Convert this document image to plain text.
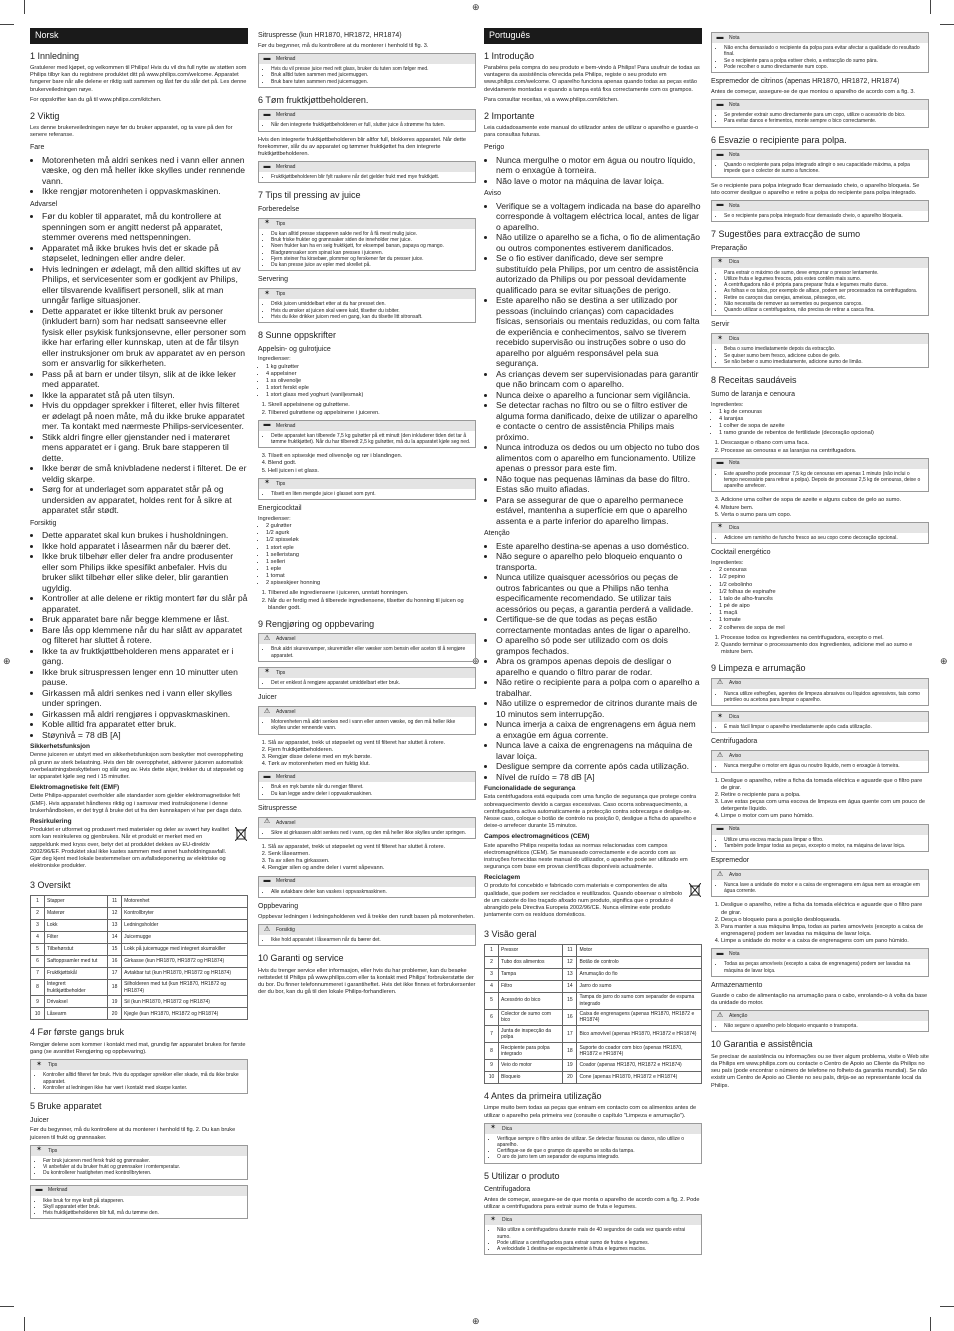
⊕
⊕
⊕	⊕
⊕
Norsk
1 Innledning

Gratulerer med kjøpet, og velkommen til Philips! Hvis du vil dra full nytte av støtten som Philips tilbyr kan du registrere produktet ditt på www.philips.com/welcome. Apparatet fungerer bare når alle delene er riktig satt sammen og låst før du slår det på. Les denne brukerveiledningen nøye.

For oppskrifter kan du gå til www.philips.com/kitchen.

2 Viktig

Les denne brukerveiledningen nøye før du bruker apparatet, og ta vare på den for senere referanse.

Fare
• Motorenheten må aldri senkes ned i vann eller annen væske, og den må heller ikke skylles under rennende vann.
• Ikke rengjør motorenheten i oppvaskmaskinen.
Advarsel
• Før du kobler til apparatet, må du kontrollere at spenningen som er angitt nederst på apparatet, stemmer overens med nettspenningen.
• Apparatet må ikke brukes hvis det er skade på støpselet, ledningen eller andre deler.
• Hvis ledningen er ødelagt, må den alltid skiftes ut av Philips, et servicesenter som er godkjent av Philips, eller tilsvarende kvalifisert personell, slik at man unngår farlige situasjoner.
• Dette apparatet er ikke tiltenkt bruk av personer (inkludert barn) som har nedsatt sanseevne eller fysisk eller psykisk funksjonsevne, eller personer som ikke har erfaring eller kunnskap, uten at de får tilsyn eller instruksjoner om bruk av apparatet av en person som er ansvarlig for sikkerheten.
• Pass på at barn er under tilsyn, slik at de ikke leker med apparatet.
• Ikke la apparatet stå på uten tilsyn.
• Hvis du oppdager sprekker i filteret, eller hvis filteret er ødelagt på noen måte, må du ikke bruke apparatet mer. Ta kontakt med nærmeste Philips-servicesenter.
• Stikk aldri fingre eller gjenstander ned i materøret mens apparatet er i gang. Bruk bare stapperen til dette.
• Ikke berør de små knivbladene nederst i filteret. De er veldig skarpe.
• Sørg for at underlaget som apparatet står på og undersiden av apparatet, holdes rent for å sikre at apparatet står stødt.
Forsiktig
• Dette apparatet skal kun brukes i husholdningen.
• Ikke hold apparatet i låsearmen når du bærer det.
• Ikke bruk tilbehør eller deler fra andre produsenter eller som Philips ikke spesifikt anbefaler. Hvis du bruker slikt tilbehør eller slike deler, blir garantien ugyldig.
• Kontroller at alle delene er riktig montert før du slår på apparatet.
• Bruk apparatet bare når begge klemmene er låst.
• Bare lås opp klemmene når du har slått av apparatet og filteret har sluttet å rotere.
• Ikke ta av fruktkjøttbeholderen mens apparatet er i gang.
• Ikke bruk sitruspressen lenger enn 10 minutter uten pause.
• Girkassen må aldri senkes ned i vann eller skylles under springen.
• Girkassen må aldri rengjøres i oppvaskmaskinen.
• Koble alltid fra apparatet etter bruk.
• Støynivå = 78 dB [A]
Sikkerhetsfunksjon

Denne juiceren er utstyrt med en sikkerhetsfunksjon som beskytter mot overoppheting på grunn av sterk belastning. Hvis den blir overopphetet, aktiverer juiceren automatisk overbelastningsbeskyttelsen og slår seg av. Hvis dette skjer, trekker du ut støpselet og lar apparatet kjøle seg ned i 15 minutter.

Elektromagnetiske felt (EMF)

Dette Philips-apparatet overholder alle standarder som gjelder elektromagnetiske felt (EMF). Hvis apparatet håndteres riktig og i samsvar med instruksjonene i denne brukerhåndboken, er det trygt å bruke det ut fra den kunnskapen vi har per dags dato.

Resirkulering

Produktet er utformet og produsert med materialer og deler av svært høy kvalitet som kan resirkuleres og gjenbrukes. Når et produkt er merket med en søppeldunk med kryss over, betyr det at produktet dekkes av EU-direktiv 2002/96/EF. Produktet skal ikke kastes sammen med annet husholdningsavfall. Gjør deg kjent med lokale bestemmelser om avfallsdeponering av elektriske og elektroniske produkter.

3 Oversikt
1	Stapper	11	Motorenhet
2	Materør	12	Kontrollbryter
3	Lokk	13	Ledningsholder
4	Filter	14	Juicemugge
5	Tilbehørstut	15	Lokk på juicemugge med integrert skumskiller
6	Saftoppsamler med tut	16	Girkasse (kun HR1870, HR1872 og HR1874)
7	Fruktkjøttskål	17	Avtakbar tut (kun HR1870, HR1872 og HR1874)
8	Integrert fruktkjøttbeholder	18	Silholderen med tut (kun HR1870, HR1872 og HR1874)
9	Drivaksel	19	Sil (kun HR1870, HR1872 og HR1874)
10	Låsearm	20	Kjegle (kun HR1870, HR1872 og HR1874)
4 Før første gangs bruk

Rengjør delene som kommer i kontakt med mat, grundig før apparatet brukes for første gang (se avsnittet Rengjøring og oppbevaring).

✶ Tips
• Kontroller alltid filteret før bruk. Hvis du oppdager sprekker eller skade, må du ikke bruke apparatet.
• Kontroller at ledningen ikke har vært i kontakt med skarpe kanter.
5 Bruke apparatet
Juicer

Før du begynner, må du kontrollere at du monterer i henhold til fig. 2. Du kan bruke juiceren til frukt og grønnsaker.

✶ Tips
• Før bruk juiceren med fersk frukt og grønnsaker.
• Vi anbefaler at du bruker frukt og grønnsaker i romtemperatur.
• Du kontrollerer hastigheten med kontrollbryteren.
▬ Merknad
• Ikke bruk for mye kraft på stapperen.
• Skyll apparatet etter bruk.
• Hvis fruktkjøttbeholderen blir full, må du tømme den.
Sitruspresse (kun HR1870, HR1872, HR1874)

Før du begynner, må du kontrollere at du monterer i henhold til fig. 3.

▬ Merknad
• Hvis du vil presse juice med rett glass, bruker du tuten som følger med.
• Bruk alltid tuten sammen med juicemuggen.
• Bruk bare tuten sammen med juicemuggen.
6 Tøm fruktkjøttbeholderen.
▬ Merknad
• Når den integrerte fruktkjøttbeholderen er full, slutter juice å strømme fra tuten.

Hvis den integrerte fruktkjøttbeholderen blir altfor full, blokkeres apparatet. Når dette forekommer, slår du av apparatet og tømmer fruktkjøttet fra den integrerte fruktkjøttbeholderen.

▬ Merknad
• Fruktkjøttbeholderen blir fylt raskere når det gjelder frukt med mye fruktkjøtt.
7 Tips til pressing av juice
Forberedelse
✶ Tips
• Du kan alltid presse stapperen sakte ned for å få mest mulig juice.
• Bruk friske frukter og grønnsaker siden de inneholder mer juice.
• Noen frukter kan ha en seig fruktkjøtt, for eksempel banan, papaya og mango.
• Bladgrønnsaker som spinat kan presses i juiceren.
• Fjern steiner fra kirsebær, plommer og ferskener før du presser juice.
• Du kan presse juice av epler med skrellet på.
Servering
✶ Tips
• Drikk juicen umiddelbart etter at du har presset den.
• Hvis du ønsker at juicen skal være kald, tilsetter du isbiter.
• Hvis du ikke drikker juicen med en gang, kan du tilsette litt sitronsaft.
8 Sunne oppskrifter
Appelsin- og gulrotjuice

Ingredienser:

• 1 kg gulrøtter
• 4 appelsiner
• 1 ss olivenolje
• 1 stort ferskt eple
• 1 stort glass med yoghurt (vaniljesmak)
1. Skrell appelsinene og gulrøttene.
2. Tilbered gulrøttene og appelsinene i juiceren.
▬ Merknad
• Dette apparatet kan tilberede 7,5 kg gulrøtter på ett minutt (den inkluderer tiden det tar å tømme fruktkjøttet). Når du har tilberedt 2,5 kg gulrøtter, må du la apparatet kjøle seg ned.
3. Tilsett en spiseskje med olivenolje og rør i blandingen.
4. Blend godt.
5. Hell juicen i et glass.
✶ Tips
• Tilsett en liten mengde juice i glasset som pynt.
Energicocktail

Ingredienser:

• 2 gulrøtter
• 1/2 agurk
• 1/2 spisseløk
• 1 stort eple
• 1 selleristang
• 1 selleri
• 1 eple
• 1 tomat
• 2 spiseskjeer honning
1. Tilbered alle ingrediensene i juiceren, unntatt honningen.
2. Når du er ferdig med å tilberede ingrediensene, tilsetter du honning til juicen og blander godt.
9 Rengjøring og oppbevaring
⚠ Advarsel
• Bruk aldri skuresvamper, skuremidler eller væsker som bensin eller aceton til å rengjøre apparatet.
✶ Tips
• Det er enklest å rengjøre apparatet umiddelbart etter bruk.
Juicer
⚠ Advarsel
• Motorenheten må aldri senkes ned i vann eller annen væske, og den må heller ikke skylles under rennende vann.
1. Slå av apparatet, trekk ut støpselet og vent til filteret har sluttet å rotere.
2. Fjern fruktkjøttbeholderen.
3. Rengjør disse delene med en myk børste.
4. Tørk av motorenheten med en fuktig klut.
▬ Merknad
• Bruk en myk børste når du rengjør filteret.
• Du kan legge andre deler i oppvaskmaskinen.
Sitruspresse
⚠ Advarsel
• Sikre at girkassen aldri senkes ned i vann, og den må heller ikke skylles under springen.
1. Slå av apparatet, trekk ut støpselet og vent til filteret har sluttet å rotere.
2. Senk låsearmen.
3. Ta av silen fra girkassen.
4. Rengjør silen og andre deler i varmt såpevann.
▬ Merknad
• Alle avtakbare deler kan vaskes i oppvaskmaskinen.
Oppbevaring

Oppbevar ledningen i ledningsholderen ved å trekke den rundt basen på motorenheten.

⚠ Forsiktig
• Ikke hold apparatet i låsearmen når du bærer det.
10 Garanti og service

Hvis du trenger service eller informasjon, eller hvis du har problemer, kan du besøke nettstedet til Philips på www.philips.com eller ta kontakt med Philips’ forbrukerstøtte der du bor. Du finner telefonnummeret i garantiheftet. Hvis det ikke finnes et forbrukersenter der du bor, kan du gå til den lokale Philips-forhandleren.

Português
1 Introdução

Parabéns pela compra do seu produto e bem-vindo à Philips! Para usufruir de todas as vantagens da assistência oferecida pela Philips, registe o seu produto em www.philips.com/welcome. O aparelho funciona apenas quando todas as peças estão devidamente montadas e quando a tampa está fixa correctamente com os grampos.

Para consultar receitas, vá a www.philips.com/kitchen.

2 Importante

Leia cuidadosamente este manual do utilizador antes de utilizar o aparelho e guarde-o para consultas futuras.

Perigo
• Nunca mergulhe o motor em água ou noutro líquido, nem o enxagúe à torneira.
• Não lave o motor na máquina de lavar loiça.
Aviso
• Verifique se a voltagem indicada na base do aparelho corresponde à voltagem eléctrica local, antes de ligar o aparelho.
• Não utilize o aparelho se a ficha, o fio de alimentação ou outros componentes estiverem danificados.
• Se o fio estiver danificado, deve ser sempre substituído pela Philips, por um centro de assistência autorizado da Philips ou por pessoal devidamente qualificado para se evitar situações de perigo.
• Este aparelho não se destina a ser utilizado por pessoas (incluindo crianças) com capacidades físicas, sensoriais ou mentais reduzidas, ou com falta de experiência e conhecimentos, salvo se tiverem recebido supervisão ou instruções sobre o uso do aparelho por alguém responsável pela sua segurança.
• As crianças devem ser supervisionadas para garantir que não brincam com o aparelho.
• Nunca deixe o aparelho a funcionar sem vigilância.
• Se detectar rachas no filtro ou se o filtro estiver de alguma forma danificado, deixe de utilizar o aparelho e contacte o centro de assistência Philips mais próximo.
• Nunca introduza os dedos ou um objecto no tubo dos alimentos com o aparelho em funcionamento. Utilize apenas o pressor para este fim.
• Não toque nas pequenas lâminas da base do filtro. Estas são muito afiadas.
• Para se assegurar de que o aparelho permanece estável, mantenha a superfície em que o aparelho assenta e a parte inferior do aparelho limpas.
Atenção
• Este aparelho destina-se apenas a uso doméstico.
• Não segure o aparelho pelo bloqueio enquanto o transporta.
• Nunca utilize quaisquer acessórios ou peças de outros fabricantes ou que a Philips não tenha especificamente recomendado. Se utilizar tais acessórios ou peças, a garantia perderá a validade.
• Certifique-se de que todas as peças estão correctamente montadas antes de ligar o aparelho.
• O aparelho só pode ser utilizado com os dois grampos fechados.
• Abra os grampos apenas depois de desligar o aparelho e quando o filtro parar de rodar.
• Não retire o recipiente para a polpa com o aparelho a trabalhar.
• Não utilize o espremedor de citrinos durante mais de 10 minutos sem interrupção.
• Nunca imerja a caixa de engrenagens em água nem a enxagúe em água corrente.
• Nunca lave a caixa de engrenagens na máquina de lavar loiça.
• Desligue sempre da corrente após cada utilização.
• Nível de ruído = 78 dB [A]
Funcionalidade de segurança

Esta centrifugadora está equipada com uma função de segurança que protege contra sobreaquecimento devido a cargas excessivas. Caso ocorra sobreaquecimento, a centrifugadora activa automaticamente a protecção contra sobrecarga e desliga-se. Nesse caso, coloque o botão de controlo na posição 0, desligue a ficha do aparelho e deixe-o arrefecer durante 15 minutos.

Campos electromagnéticos (CEM)

Este aparelho Philips respeita todas as normas relacionadas com campos electromagnéticos (CEM). Se manuseado correctamente e de acordo com as instruções fornecidas neste manual do utilizador, o aparelho pode ser utilizado em segurança com base em provas científicas disponíveis actualmente.

Reciclagem

O produto foi concebido e fabricado com materiais e componentes de alta qualidade, que podem ser reciclados e reutilizados. Quando observar o símbolo de um caixote do lixo traçado afixado num produto, significa que o produto é abrangido pela Directiva Europeia 2002/96/CE. Nunca elimine este produto juntamente com os resíduos domésticos.

3 Visão geral
1	Pressor	11	Motor
2	Tubo dos alimentos	12	Botão de controlo
3	Tampa	13	Arrumação do fio
4	Filtro	14	Jarro do sumo
5	Acessório do bico	15	Tampa do jarro do sumo com separador de espuma integrado
6	Colector de sumo com bico	16	Caixa de engrenagens (apenas HR1870, HR1872 e HR1874)
7	Junta de inspecção da polpa	17	Bico amovível (apenas HR1870, HR1872 e HR1874)
8	Recipiente para polpa integrado	18	Suporte do coador com bico (apenas HR1870, HR1872 e HR1874)
9	Veio do motor	19	Coador (apenas HR1870, HR1872 e HR1874)
10	Bloqueio	20	Cone (apenas HR1870, HR1872 e HR1874)
4 Antes da primeira utilização

Limpe muito bem todas as peças que entram em contacto com os alimentos antes de utilizar o aparelho pela primeira vez (consulte o capítulo "Limpeza e arrumação").

✶ Dica
• Verifique sempre o filtro antes de utilizar. Se detectar fissuras ou danos, não utilize o aparelho.
• Certifique-se de que o grampo do aparelho se solta da tampa.
• O aro do jarro tem um separador de espuma integrado.
5 Utilizar o produto
Centrifugadora

Antes de começar, assegure-se de que monta o aparelho de acordo com a fig. 2. Pode utilizar a centrifugadora para extrair sumo de fruta e legumes.

✶ Dica
• Não utilize a centrifugadora durante mais de 40 segundos de cada vez quando extrai sumo.
• Pode utilizar a centrifugadora para extrair sumo de frutos e legumes.
• A velocidade 1 destina-se especialmente à fruta e legumes macios.
▬ Nota
• Não encha demasiado o recipiente da polpa para evitar afectar a qualidade do resultado final.
• Se o recipiente para a polpa estiver cheio, a extracção do sumo pára.
• Pode recolher o sumo directamente num copo.
Espremedor de citrinos (apenas HR1870, HR1872, HR1874)

Antes de começar, assegure-se de que montou o aparelho de acordo com a fig. 3.

▬ Nota
• Se pretender extrair sumo directamente para um copo, utilize o acessório do bico.
• Para evitar danos e ferimentos, monte sempre o bico correctamente.
6 Esvazie o recipiente para polpa.
▬ Nota
• Quando o recipiente para polpa integrado atingir o seu capacidade máxima, a polpa impede que o colector de sumo a funcione.

Se o recipiente para polpa integrado ficar demasiado cheio, o aparelho bloqueia. Se isto ocorrer desligue o aparelho e retire a polpa do recipiente para polpa integrado.

▬ Nota
• Se o recipiente para polpa integrado ficar demasiado cheio, o aparelho bloqueia.
7 Sugestões para extracção de sumo
Preparação
✶ Dica
• Para extrair o máximo de sumo, deve empurrar o pressor lentamente.
• Utilize fruta e legumes frescos, pois estes contêm mais sumo.
• A centrifugadora não é própria para preparar fruta e legumes muito duros.
• As folhas e os talos, por exemplo de alface, podem ser processados na centrifugadora.
• Retire os caroços das cerejas, ameixas, pêssegos, etc.
• Não necessita de remover as sementes ou pequenos caroços.
• Quando utilizar a centrifugadora, não precisa de retirar a casca fina.
Servir
✶ Dica
• Beba o sumo imediatamente depois da extracção.
• Se quiser sumo bem fresco, adicione cubos de gelo.
• Se não beber o sumo imediatamente, adicione sumo de limão.
8 Receitas saudáveis
Sumo de laranja e cenoura

Ingredientes:

• 1 kg de cenouras
• 4 laranjas
• 1 colher de sopa de azeite
• 1 ramo grande de rebentos de fertilidade (decoração opcional)
1. Descasque o ribano com uma faca.
2. Processe as cenouras e as laranjas na centrifugadora.
▬ Nota
• Este aparelho pode processar 7,5 kg de cenouras em apenas 1 minuto (não inclui o tempo necessário para retirar a polpa). Depois de processar 2,5 kg de cenouras, deixe o aparelho arrefecer.
3. Adicione uma colher de sopa de azeite e alguns cubos de gelo ao sumo.
4. Misture bem.
5. Verta o sumo para um copo.
✶ Dica
• Adicione um raminho de funcho fresco ao seu copo como decoração opcional.
Cocktail energético

Ingredientes:

• 2 cenouras
• 1/2 pepino
• 1/2 cebolinho
• 1/2 folhas de espinafre
• 1 talo de alho-francês
• 1 pé de aipo
• 1 maçã
• 1 tomate
• 2 colheres de sopa de mel
1. Processe todos os ingredientes na centrifugadora, excepto o mel.
2. Quando terminar o processamento dos ingredientes, adicione mel ao sumo e misture bem.
9 Limpeza e arrumação
⚠ Aviso
• Nunca utilize esfregões, agentes de limpeza abrasivos ou líquidos agressivos, tais como petróleo ou acetona para limpar o aparelho.
✶ Dica
• É mais fácil limpar o aparelho imediatamente após cada utilização.
Centrifugadora
⚠ Aviso
• Nunca mergulhe o motor em água ou noutro líquido, nem o enxagúe à torneira.
1. Desligue o aparelho, retire a ficha da tomada eléctrica e aguarde que o filtro pare de girar.
2. Retire o recipiente para a polpa.
3. Lave estas peças com uma escova de limpeza em água quente com um pouco de detergente líquido.
4. Limpe o motor com um pano húmido.
▬ Nota
• Utilize uma escova macia para limpar o filtro.
• Também pode limpar todas as peças, excepto o motor, na máquina de lavar loiça.
Espremedor
⚠ Aviso
• Nunca lave a unidade do motor e a caixa de engrenagens em água nem as enxagúe em água corrente.
1. Desligue o aparelho, retire a ficha da tomada eléctrica e aguarde que o filtro pare de girar.
2. Desça o bloqueio para a posição desbloqueada.
3. Para manter a sua máquina limpa, todas as partes amovíveis (excepto a caixa de engrenagens) podem ser lavadas na máquina de lavar loiça.
4. Limpe a unidade do motor e a caixa de engrenagens com um pano húmido.
▬ Nota
• Todas as peças amovíveis (excepto a caixa de engrenagens) podem ser lavadas na máquina de lavar loiça.
Armazenamento

Guarde o cabo de alimentação na arrumação para o cabo, enrolando-o à volta da base da unidade do motor.

⚠ Atenção
• Não segure o aparelho pelo bloqueio enquanto o transporta.
10 Garantia e assistência

Se precisar de assistência ou informações ou se tiver algum problema, visite o Web site da Philips em www.philips.com ou contacte o Centro de Apoio ao Cliente da Philips no seu país (pode encontrar o número de telefone no folheto da garantia mundial). Se não existir um Centro de Apoio ao Cliente no seu país, dirija-se ao representante local da Philips.
